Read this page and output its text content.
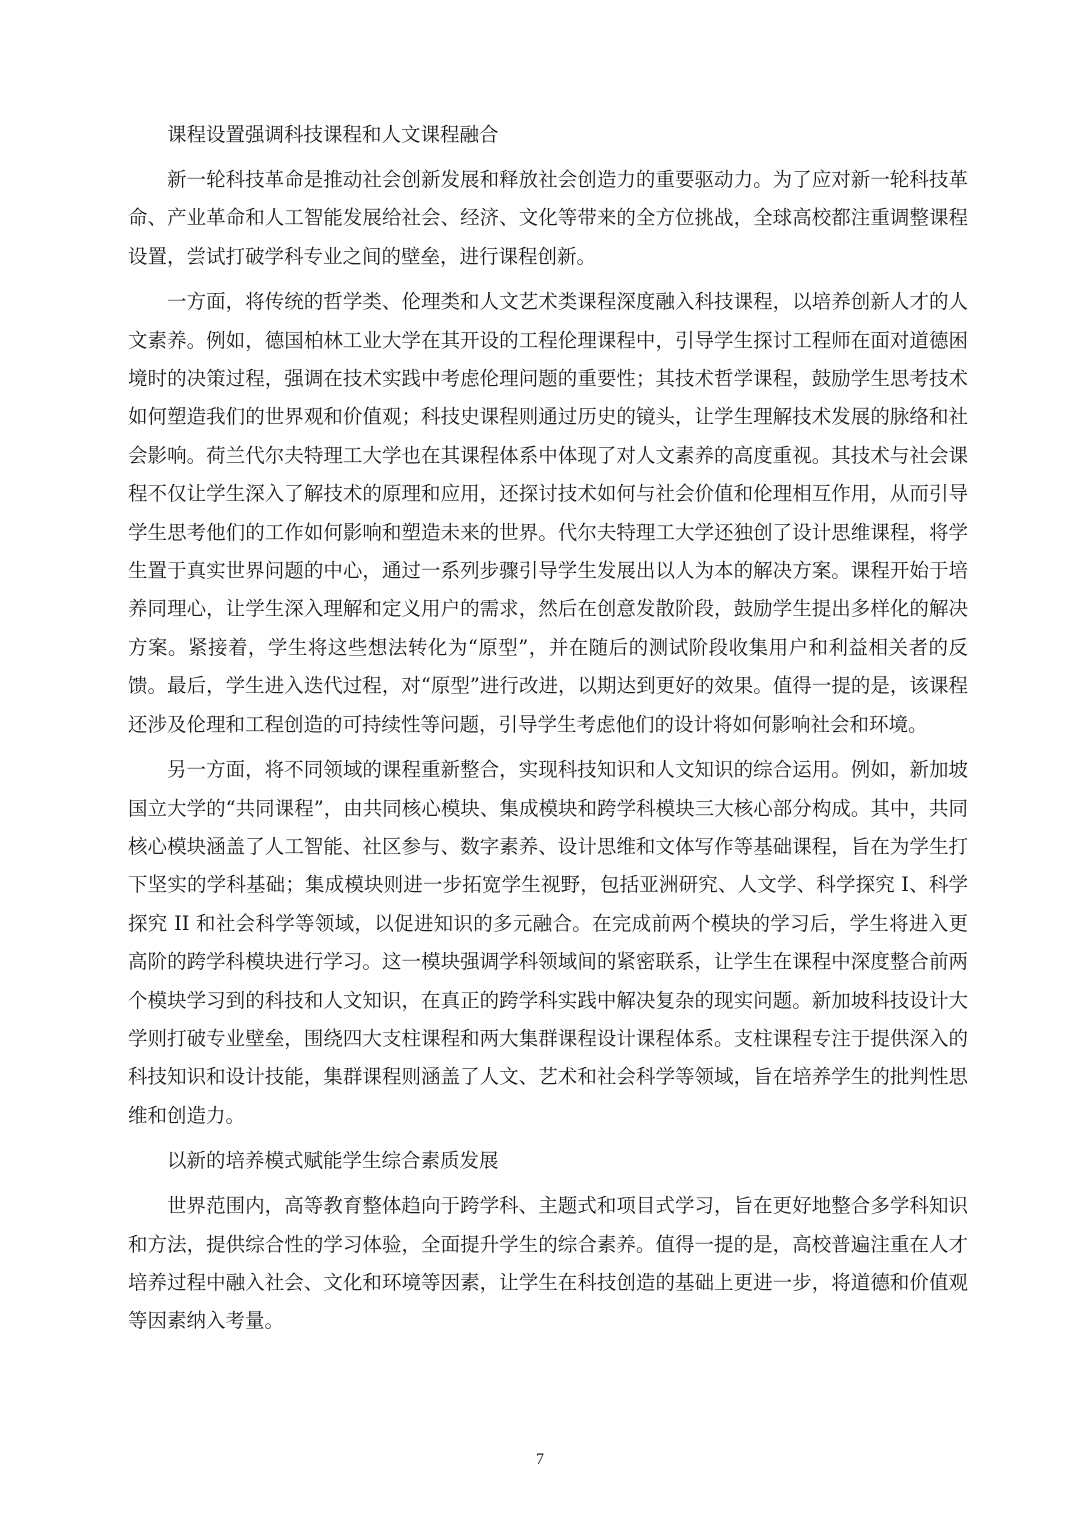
课程设置强调科技课程和人文课程融合

新一轮科技革命是推动社会创新发展和释放社会创造力的重要驱动力。为了应对新一轮科技革命、产业革命和人工智能发展给社会、经济、文化等带来的全方位挑战，全球高校都注重调整课程设置，尝试打破学科专业之间的壁垒，进行课程创新。

一方面，将传统的哲学类、伦理类和人文艺术类课程深度融入科技课程，以培养创新人才的人文素养。例如，德国柏林工业大学在其开设的工程伦理课程中，引导学生探讨工程师在面对道德困境时的决策过程，强调在技术实践中考虑伦理问题的重要性；其技术哲学课程，鼓励学生思考技术如何塑造我们的世界观和价值观；科技史课程则通过历史的镜头，让学生理解技术发展的脉络和社会影响。荷兰代尔夫特理工大学也在其课程体系中体现了对人文素养的高度重视。其技术与社会课程不仅让学生深入了解技术的原理和应用，还探讨技术如何与社会价值和伦理相互作用，从而引导学生思考他们的工作如何影响和塑造未来的世界。代尔夫特理工大学还独创了设计思维课程，将学生置于真实世界问题的中心，通过一系列步骤引导学生发展出以人为本的解决方案。课程开始于培养同理心，让学生深入理解和定义用户的需求，然后在创意发散阶段，鼓励学生提出多样化的解决方案。紧接着，学生将这些想法转化为“原型”，并在随后的测试阶段收集用户和利益相关者的反馈。最后，学生进入迭代过程，对“原型”进行改进，以期达到更好的效果。值得一提的是，该课程还涉及伦理和工程创造的可持续性等问题，引导学生考虑他们的设计将如何影响社会和环境。

另一方面，将不同领域的课程重新整合，实现科技知识和人文知识的综合运用。例如，新加坡国立大学的“共同课程”，由共同核心模块、集成模块和跨学科模块三大核心部分构成。其中，共同核心模块涵盖了人工智能、社区参与、数字素养、设计思维和文体写作等基础课程，旨在为学生打下坚实的学科基础；集成模块则进一步拓宽学生视野，包括亚洲研究、人文学、科学探究 I、科学探究 II 和社会科学等领域，以促进知识的多元融合。在完成前两个模块的学习后，学生将进入更高阶的跨学科模块进行学习。这一模块强调学科领域间的紧密联系，让学生在课程中深度整合前两个模块学习到的科技和人文知识，在真正的跨学科实践中解决复杂的现实问题。新加坡科技设计大学则打破专业壁垒，围绕四大支柱课程和两大集群课程设计课程体系。支柱课程专注于提供深入的科技知识和设计技能，集群课程则涵盖了人文、艺术和社会科学等领域，旨在培养学生的批判性思维和创造力。

以新的培养模式赋能学生综合素质发展

世界范围内，高等教育整体趋向于跨学科、主题式和项目式学习，旨在更好地整合多学科知识和方法，提供综合性的学习体验，全面提升学生的综合素养。值得一提的是，高校普遍注重在人才培养过程中融入社会、文化和环境等因素，让学生在科技创造的基础上更进一步，将道德和价值观等因素纳入考量。

7
